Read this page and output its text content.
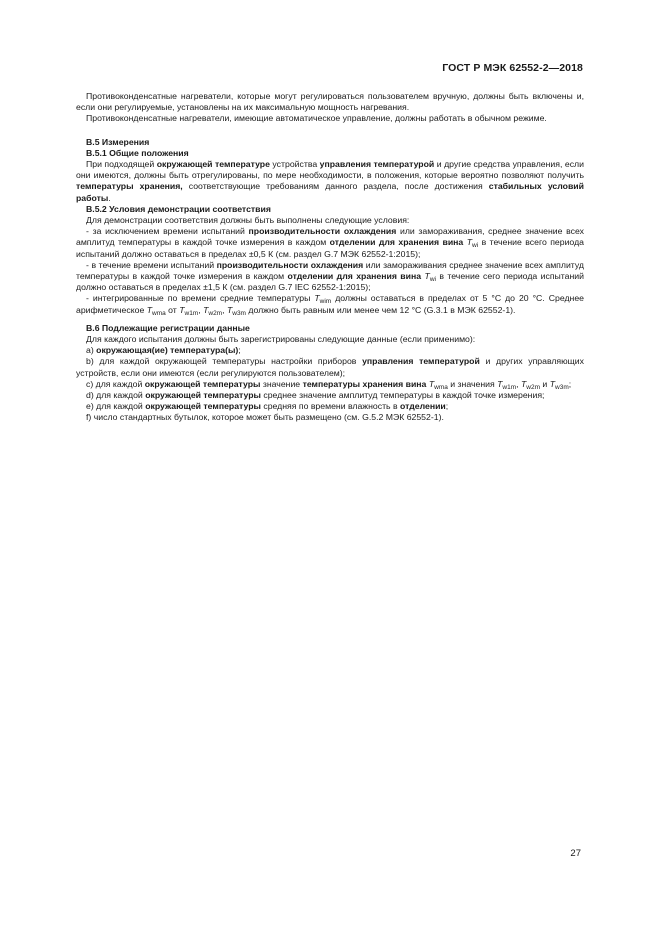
ГОСТ Р МЭК 62552-2—2018

Противоконденсатные нагреватели, которые могут регулироваться пользователем вручную, должны быть включены и, если они регулируемые, установлены на их максимальную мощность нагревания.

Противоконденсатные нагреватели, имеющие автоматическое управление, должны работать в обычном режиме.

В.5 Измерения

В.5.1 Общие положения

При подходящей окружающей температуре устройства управления температурой и другие средства управления, если они имеются, должны быть отрегулированы, по мере необходимости, в положения, которые вероятно позволяют получить температуры хранения, соответствующие требованиям данного раздела, после достижения стабильных условий работы.

В.5.2 Условия демонстрации соответствия

Для демонстрации соответствия должны быть выполнены следующие условия:

- за исключением времени испытаний производительности охлаждения или замораживания, среднее значение всех амплитуд температуры в каждой точке измерения в каждом отделении для хранения вина $T_{wi}$ в течение всего периода испытаний должно оставаться в пределах ±0,5 К (см. раздел G.7 МЭК 62552-1:2015);

- в течение времени испытаний производительности охлаждения или замораживания среднее значение всех амплитуд температуры в каждой точке измерения в каждом отделении для хранения вина $T_{wi}$ в течение сего периода испытаний должно оставаться в пределах ±1,5 К (см. раздел G.7 IEC 62552-1:2015);

- интегрированные по времени средние температуры $T_{wim}$ должны оставаться в пределах от 5 °С до 20 °С. Среднее арифметическое $T_{wma}$ от $T_{w1m}$, $T_{w2m}$, $T_{w3m}$ должно быть равным или менее чем 12 °С (G.3.1 в МЭК 62552-1).

В.6 Подлежащие регистрации данные

Для каждого испытания должны быть зарегистрированы следующие данные (если применимо):

а) окружающая(ие) температура(ы);

b) для каждой окружающей температуры настройки приборов управления температурой и других управляющих устройств, если они имеются (если регулируются пользователем);

с) для каждой окружающей температуры значение температуры хранения вина $T_{wma}$ и значения $T_{w1m}$, $T_{w2m}$ и $T_{w3m}$;

d) для каждой окружающей температуры среднее значение амплитуд температуры в каждой точке измерения;

е) для каждой окружающей температуры средняя по времени влажность в отделении;

f) число стандартных бутылок, которое может быть размещено (см. G.5.2 МЭК 62552-1).

27
